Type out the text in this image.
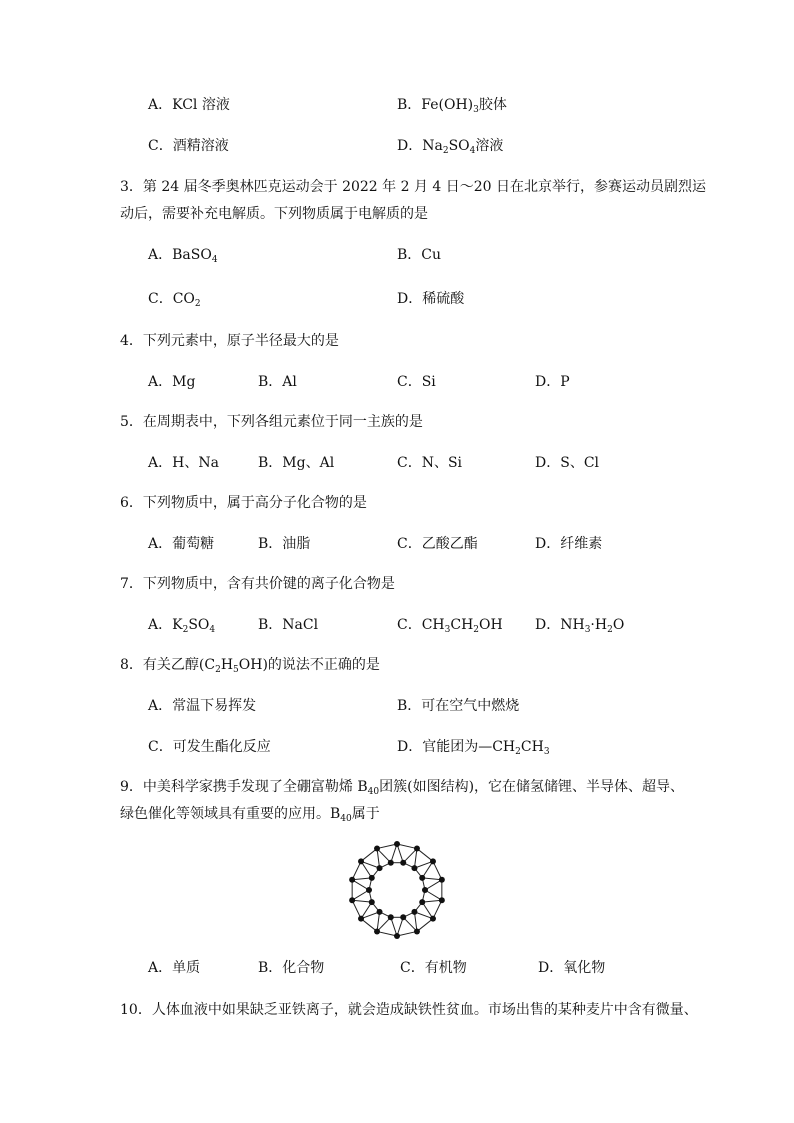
A．KCl 溶液	B．$Fe(OH)_3$胶体
C．酒精溶液	D．$Na_2SO_4$溶液
3．第 24 届冬季奥林匹克运动会于 2022 年 2 月 4 日～20 日在北京举行，参赛运动员剧烈运
动后，需要补充电解质。下列物质属于电解质的是
A．BaSO$_4$	B．Cu
C．$CO_2$	D．稀硫酸
4．下列元素中，原子半径最大的是
A．Mg	B．Al	C．Si	D．P
5．在周期表中，下列各组元素位于同一主族的是
A．H、Na	B．Mg、Al	C．N、Si	D．S、Cl
6．下列物质中，属于高分子化合物的是
A．葡萄糖	B．油脂	C．乙酸乙酯	D．纤维素
7．下列物质中，含有共价键的离子化合物是
A．$K_2SO_4$	B．NaCl	C．$CH_3CH_2OH$ D．$NH_3\cdot H_2O$
8．有关乙醇$(C_2H_5OH)$的说法不正确的是
A．常温下易挥发	B．可在空气中燃烧
C．可发生酯化反应	D．官能团为$—CH_2CH_3$
9．中美科学家携手发现了全硼富勒烯 $B_{40}$团簇(如图结构)，它在储氢储锂、半导体、超导、
绿色催化等领域具有重要的应用。$B_{40}$属于
A．单质	B．化合物	C．有机物	D．氧化物
10．人体血液中如果缺乏亚铁离子，就会造成缺铁性贫血。市场出售的某种麦片中含有微量、
